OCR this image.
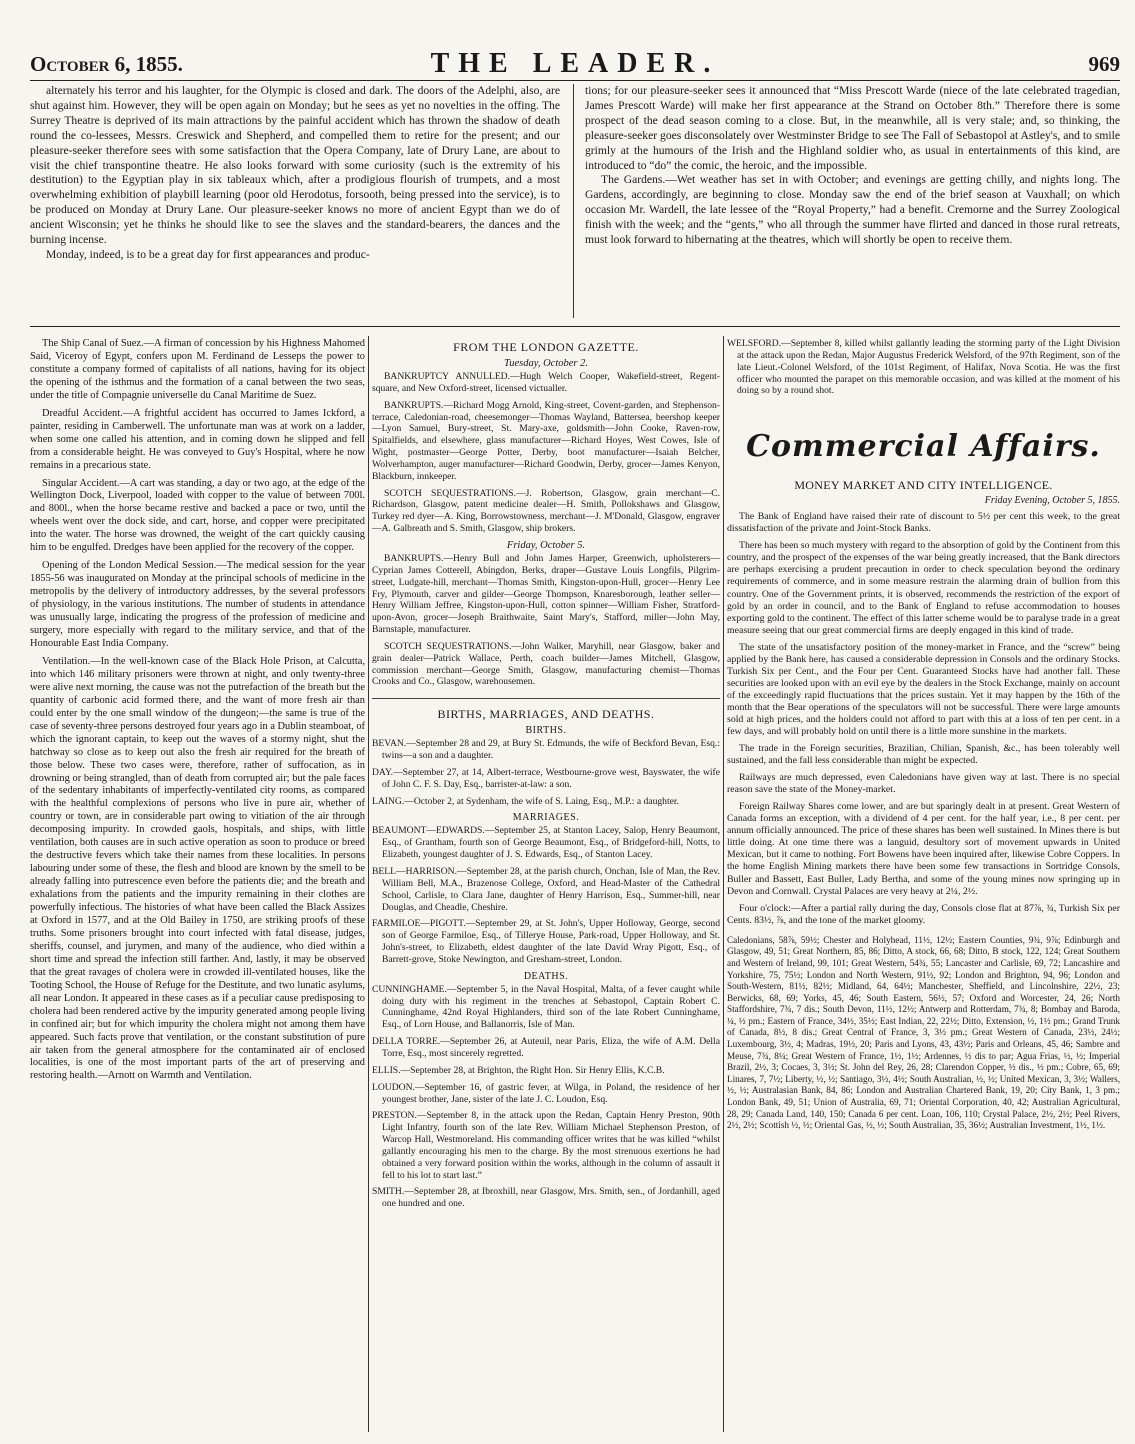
October 6, 1855.	THE LEADER.	969

alternately his terror and his laughter, for the Olympic is closed and dark. The doors of the Adelphi, also, are shut against him. However, they will be open again on Monday; but he sees as yet no novelties in the offing. The Surrey Theatre is deprived of its main attractions by the painful accident which has thrown the shadow of death round the co-lessees, Messrs. Creswick and Shepherd, and compelled them to retire for the present; and our pleasure-seeker therefore sees with some satisfaction that the Opera Company, late of Drury Lane, are about to visit the chief transpontine theatre. He also looks forward with some curiosity (such is the extremity of his destitution) to the Egyptian play in six tableaux which, after a prodigious flourish of trumpets, and a most overwhelming exhibition of playbill learning (poor old Herodotus, forsooth, being pressed into the service), is to be produced on Monday at Drury Lane. Our pleasure-seeker knows no more of ancient Egypt than we do of ancient Wisconsin; yet he thinks he should like to see the slaves and the standard-bearers, the dances and the burning incense.

Monday, indeed, is to be a great day for first appearances and produc-

tions; for our pleasure-seeker sees it announced that “Miss Prescott Warde (niece of the late celebrated tragedian, James Prescott Warde) will make her first appearance at the Strand on October 8th.” Therefore there is some prospect of the dead season coming to a close. But, in the meanwhile, all is very stale; and, so thinking, the pleasure-seeker goes disconsolately over Westminster Bridge to see The Fall of Sebastopol at Astley's, and to smile grimly at the humours of the Irish and the Highland soldier who, as usual in entertainments of this kind, are introduced to “do” the comic, the heroic, and the impossible.

The Gardens.—Wet weather has set in with October; and evenings are getting chilly, and nights long. The Gardens, accordingly, are beginning to close. Monday saw the end of the brief season at Vauxhall; on which occasion Mr. Wardell, the late lessee of the “Royal Property,” had a benefit. Cremorne and the Surrey Zoological finish with the week; and the “gents,” who all through the summer have flirted and danced in those rural retreats, must look forward to hibernating at the theatres, which will shortly be open to receive them.

The Ship Canal of Suez.—A firman of concession by his Highness Mahomed Said, Viceroy of Egypt, confers upon M. Ferdinand de Lesseps the power to constitute a company formed of capitalists of all nations, having for its object the opening of the isthmus and the formation of a canal between the two seas, under the title of Compagnie universelle du Canal Maritime de Suez.

Dreadful Accident.—A frightful accident has occurred to James Ickford, a painter, residing in Camberwell. The unfortunate man was at work on a ladder, when some one called his attention, and in coming down he slipped and fell from a considerable height. He was conveyed to Guy's Hospital, where he now remains in a precarious state.

Singular Accident.—A cart was standing, a day or two ago, at the edge of the Wellington Dock, Liverpool, loaded with copper to the value of between 700l. and 800l., when the horse became restive and backed a pace or two, until the wheels went over the dock side, and cart, horse, and copper were precipitated into the water. The horse was drowned, the weight of the cart quickly causing him to be engulfed. Dredges have been applied for the recovery of the copper.

Opening of the London Medical Session.—The medical session for the year 1855-56 was inaugurated on Monday at the principal schools of medicine in the metropolis by the delivery of introductory addresses, by the several professors of physiology, in the various institutions. The number of students in attendance was unusually large, indicating the progress of the profession of medicine and surgery, more especially with regard to the military service, and that of the Honourable East India Company.

Ventilation.—In the well-known case of the Black Hole Prison, at Calcutta, into which 146 military prisoners were thrown at night, and only twenty-three were alive next morning, the cause was not the putrefaction of the breath but the quantity of carbonic acid formed there, and the want of more fresh air than could enter by the one small window of the dungeon;—the same is true of the case of seventy-three persons destroyed four years ago in a Dublin steamboat, of which the ignorant captain, to keep out the waves of a stormy night, shut the hatchway so close as to keep out also the fresh air required for the breath of those below. These two cases were, therefore, rather of suffocation, as in drowning or being strangled, than of death from corrupted air; but the pale faces of the sedentary inhabitants of imperfectly-ventilated city rooms, as compared with the healthful complexions of persons who live in pure air, whether of country or town, are in considerable part owing to vitiation of the air through decomposing impurity. In crowded gaols, hospitals, and ships, with little ventilation, both causes are in such active operation as soon to produce or breed the destructive fevers which take their names from these localities. In persons labouring under some of these, the flesh and blood are known by the smell to be already falling into putrescence even before the patients die; and the breath and exhalations from the patients and the impurity remaining in their clothes are powerfully infectious. The histories of what have been called the Black Assizes at Oxford in 1577, and at the Old Bailey in 1750, are striking proofs of these truths. Some prisoners brought into court infected with fatal disease, judges, sheriffs, counsel, and jurymen, and many of the audience, who died within a short time and spread the infection still farther. And, lastly, it may be observed that the great ravages of cholera were in crowded ill-ventilated houses, like the Tooting School, the House of Refuge for the Destitute, and two lunatic asylums, all near London. It appeared in these cases as if a peculiar cause predisposing to cholera had been rendered active by the impurity generated among people living in confined air; but for which impurity the cholera might not among them have appeared. Such facts prove that ventilation, or the constant substitution of pure air taken from the general atmosphere for the contaminated air of enclosed localities, is one of the most important parts of the art of preserving and restoring health.—Arnott on Warmth and Ventilation.

FROM THE LONDON GAZETTE.
Tuesday, October 2.

BANKRUPTCY ANNULLED.—Hugh Welch Cooper, Wakefield-street, Regent-square, and New Oxford-street, licensed victualler.

BANKRUPTS.—Richard Mogg Arnold, King-street, Covent-garden, and Stephenson-terrace, Caledonian-road, cheesemonger—Thomas Wayland, Battersea, beershop keeper—Lyon Samuel, Bury-street, St. Mary-axe, goldsmith—John Cooke, Raven-row, Spitalfields, and elsewhere, glass manufacturer—Richard Hoyes, West Cowes, Isle of Wight, postmaster—George Potter, Derby, boot manufacturer—Isaiah Belcher, Wolverhampton, auger manufacturer—Richard Goodwin, Derby, grocer—James Kenyon, Blackburn, innkeeper.

SCOTCH SEQUESTRATIONS.—J. Robertson, Glasgow, grain merchant—C. Richardson, Glasgow, patent medicine dealer—H. Smith, Pollokshaws and Glasgow, Turkey red dyer—A. King, Borrowstowness, merchant—J. M'Donald, Glasgow, engraver—A. Galbreath and S. Smith, Glasgow, ship brokers.

Friday, October 5.

BANKRUPTS.—Henry Bull and John James Harper, Greenwich, upholsterers—Cyprian James Cotterell, Abingdon, Berks, draper—Gustave Louis Longfils, Pilgrim-street, Ludgate-hill, merchant—Thomas Smith, Kingston-upon-Hull, grocer—Henry Lee Fry, Plymouth, carver and gilder—George Thompson, Knaresborough, leather seller—Henry William Jeffree, Kingston-upon-Hull, cotton spinner—William Fisher, Stratford-upon-Avon, grocer—Joseph Braithwaite, Saint Mary's, Stafford, miller—John May, Barnstaple, manufacturer.

SCOTCH SEQUESTRATIONS.—John Walker, Maryhill, near Glasgow, baker and grain dealer—Patrick Wallace, Perth, coach builder—James Mitchell, Glasgow, commission merchant—George Smith, Glasgow, manufacturing chemist—Thomas Crooks and Co., Glasgow, warehousemen.

BIRTHS, MARRIAGES, AND DEATHS.
BIRTHS.

BEVAN.—September 28 and 29, at Bury St. Edmunds, the wife of Beckford Bevan, Esq.: twins—a son and a daughter.

DAY.—September 27, at 14, Albert-terrace, Westbourne-grove west, Bayswater, the wife of John C. F. S. Day, Esq., barrister-at-law: a son.

LAING.—October 2, at Sydenham, the wife of S. Laing, Esq., M.P.: a daughter.

MARRIAGES.

BEAUMONT—EDWARDS.—September 25, at Stanton Lacey, Salop, Henry Beaumont, Esq., of Grantham, fourth son of George Beaumont, Esq., of Bridgeford-hill, Notts, to Elizabeth, youngest daughter of J. S. Edwards, Esq., of Stanton Lacey.

BELL—HARRISON.—September 28, at the parish church, Onchan, Isle of Man, the Rev. William Bell, M.A., Brazenose College, Oxford, and Head-Master of the Cathedral School, Carlisle, to Clara Jane, daughter of Henry Harrison, Esq., Summer-hill, near Douglas, and Cheadle, Cheshire.

FARMILOE—PIGOTT.—September 29, at St. John's, Upper Holloway, George, second son of George Farmiloe, Esq., of Tillerye House, Park-road, Upper Holloway, and St. John's-street, to Elizabeth, eldest daughter of the late David Wray Pigott, Esq., of Barrett-grove, Stoke Newington, and Gresham-street, London.

DEATHS.

CUNNINGHAME.—September 5, in the Naval Hospital, Malta, of a fever caught while doing duty with his regiment in the trenches at Sebastopol, Captain Robert C. Cunninghame, 42nd Royal Highlanders, third son of the late Robert Cunninghame, Esq., of Lorn House, and Ballanorris, Isle of Man.

DELLA TORRE.—September 26, at Auteuil, near Paris, Eliza, the wife of A.M. Della Torre, Esq., most sincerely regretted.

ELLIS.—September 28, at Brighton, the Right Hon. Sir Henry Ellis, K.C.B.

LOUDON.—September 16, of gastric fever, at Wilga, in Poland, the residence of her youngest brother, Jane, sister of the late J. C. Loudon, Esq.

PRESTON.—September 8, in the attack upon the Redan, Captain Henry Preston, 90th Light Infantry, fourth son of the late Rev. William Michael Stephenson Preston, of Warcop Hall, Westmoreland. His commanding officer writes that he was killed “whilst gallantly encouraging his men to the charge. By the most strenuous exertions he had obtained a very forward position within the works, although in the column of assault it fell to his lot to start last.”

SMITH.—September 28, at Ibroxhill, near Glasgow, Mrs. Smith, sen., of Jordanhill, aged one hundred and one.

WELSFORD.—September 8, killed whilst gallantly leading the storming party of the Light Division at the attack upon the Redan, Major Augustus Frederick Welsford, of the 97th Regiment, son of the late Lieut.-Colonel Welsford, of the 101st Regiment, of Halifax, Nova Scotia. He was the first officer who mounted the parapet on this memorable occasion, and was killed at the moment of his doing so by a round shot.

Commercial Affairs.
MONEY MARKET AND CITY INTELLIGENCE.
Friday Evening, October 5, 1855.

The Bank of England have raised their rate of discount to 5½ per cent this week, to the great dissatisfaction of the private and Joint-Stock Banks.

There has been so much mystery with regard to the absorption of gold by the Continent from this country, and the prospect of the expenses of the war being greatly increased, that the Bank directors are perhaps exercising a prudent precaution in order to check speculation beyond the ordinary requirements of commerce, and in some measure restrain the alarming drain of bullion from this country. One of the Government prints, it is observed, recommends the restriction of the export of gold by an order in council, and to the Bank of England to refuse accommodation to houses exporting gold to the continent. The effect of this latter scheme would be to paralyse trade in a great measure seeing that our great commercial firms are deeply engaged in this kind of trade.

The state of the unsatisfactory position of the money-market in France, and the “screw” being applied by the Bank here, has caused a considerable depression in Consols and the ordinary Stocks. Turkish Six per Cent., and the Four per Cent. Guaranteed Stocks have had another fall. These securities are looked upon with an evil eye by the dealers in the Stock Exchange, mainly on account of the exceedingly rapid fluctuations that the prices sustain. Yet it may happen by the 16th of the month that the Bear operations of the speculators will not be successful. There were large amounts sold at high prices, and the holders could not afford to part with this at a loss of ten per cent. in a few days, and will probably hold on until there is a little more sunshine in the markets.

The trade in the Foreign securities, Brazilian, Chilian, Spanish, &c., has been tolerably well sustained, and the fall less considerable than might be expected.

Railways are much depressed, even Caledonians have given way at last. There is no special reason save the state of the Money-market.

Foreign Railway Shares come lower, and are but sparingly dealt in at present. Great Western of Canada forms an exception, with a dividend of 4 per cent. for the half year, i.e., 8 per cent. per annum officially announced. The price of these shares has been well sustained. In Mines there is but little doing. At one time there was a languid, desultory sort of movement upwards in United Mexican, but it came to nothing. Fort Bowens have been inquired after, likewise Cobre Coppers. In the home English Mining markets there have been some few transactions in Sortridge Consols, Buller and Bassett, East Buller, Lady Bertha, and some of the young mines now springing up in Devon and Cornwall. Crystal Palaces are very heavy at 2¼, 2½.

Four o'clock:—After a partial rally during the day, Consols close flat at 87⅞, ¾, Turkish Six per Cents. 83½, ⅞, and the tone of the market gloomy.

Caledonians, 58⅞, 59½; Chester and Holyhead, 11½, 12½; Eastern Counties, 9¾, 9⅞; Edinburgh and Glasgow, 49, 51; Great Northern, 85, 86; Ditto, A stock, 66, 68; Ditto, B stock, 122, 124; Great Southern and Western of Ireland, 99, 101; Great Western, 54¾, 55; Lancaster and Carlisle, 69, 72; Lancashire and Yorkshire, 75, 75½; London and North Western, 91½, 92; London and Brighton, 94, 96; London and South-Western, 81½, 82½; Midland, 64, 64½; Manchester, Sheffield, and Lincolnshire, 22½, 23; Berwicks, 68, 69; Yorks, 45, 46; South Eastern, 56½, 57; Oxford and Worcester, 24, 26; North Staffordshire, 7¾, 7 dis.; South Devon, 11½, 12½; Antwerp and Rotterdam, 7¾, 8; Bombay and Baroda, ¼, ½ pm.; Eastern of France, 34½, 35½; East Indian, 22, 22½; Ditto, Extension, ½, 1½ pm.; Grand Trunk of Canada, 8½, 8 dis.; Great Central of France, 3, 3½ pm.; Great Western of Canada, 23½, 24½; Luxembourg, 3½, 4; Madras, 19½, 20; Paris and Lyons, 43, 43½; Paris and Orleans, 45, 46; Sambre and Meuse, 7¾, 8¼; Great Western of France, 1½, 1½; Ardennes, ½ dis to par; Agua Frias, ½, ½; Imperial Brazil, 2½, 3; Cocaes, 3, 3½; St. John del Rey, 26, 28; Clarendon Copper, ½ dis., ½ pm.; Cobre, 65, 69; Linares, 7, 7½; Liberty, ½, ½; Santiago, 3½, 4½; South Australian, ½, ½; United Mexican, 3, 3½; Wallers, ½, ½; Australasian Bank, 84, 86; London and Australian Chartered Bank, 19, 20; City Bank, 1, 3 pm.; London Bank, 49, 51; Union of Australia, 69, 71; Oriental Corporation, 40, 42; Australian Agricultural, 28, 29; Canada Land, 140, 150; Canada 6 per cent. Loan, 106, 110; Crystal Palace, 2½, 2½; Peel Rivers, 2½, 2½; Scottish ½, ½; Oriental Gas, ½, ½; South Australian, 35, 36½; Australian Investment, 1½, 1½.
